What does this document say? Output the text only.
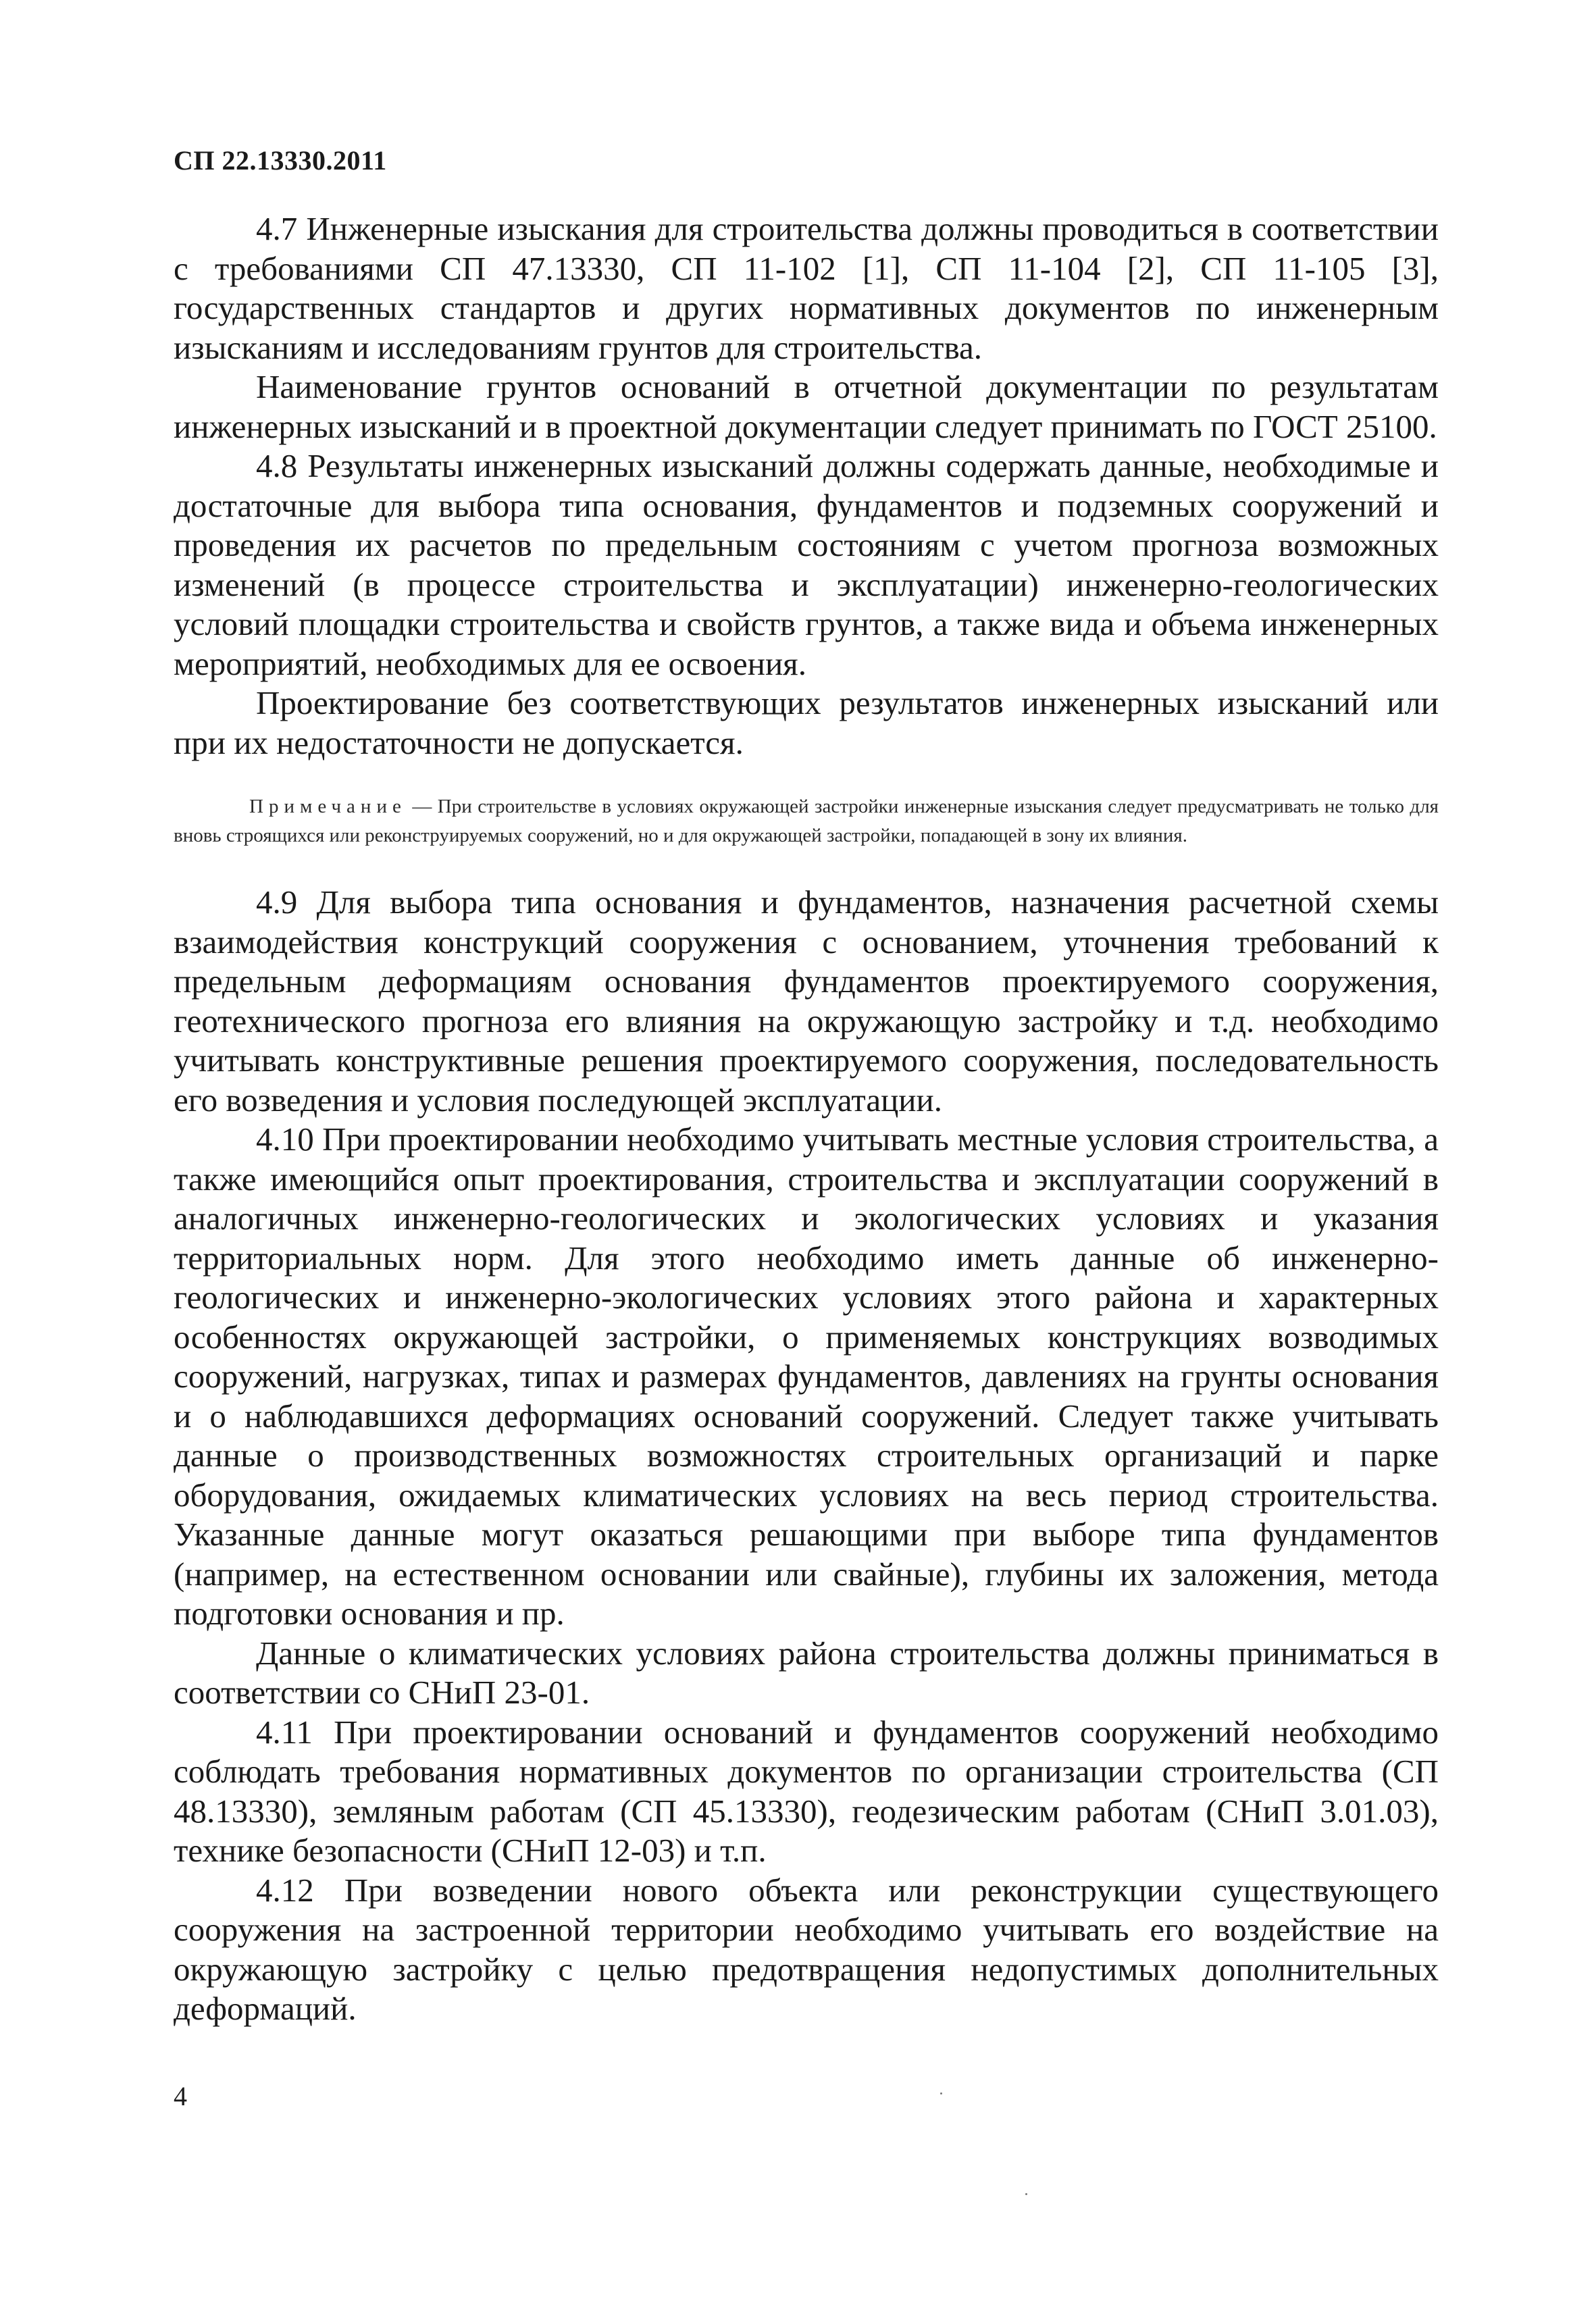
СП 22.13330.2011

4.7 Инженерные изыскания для строительства должны проводиться в соответствии с требованиями СП 47.13330, СП 11-102 [1], СП 11-104 [2], СП 11-105 [3], государственных стандартов и других нормативных документов по инженерным изысканиям и исследованиям грунтов для строительства.

Наименование грунтов оснований в отчетной документации по результатам инженерных изысканий и в проектной документации следует принимать по ГОСТ 25100.

4.8 Результаты инженерных изысканий должны содержать данные, необходимые и достаточные для выбора типа основания, фундаментов и подземных сооружений и проведения их расчетов по предельным состояниям с учетом прогноза возможных изменений (в процессе строительства и эксплуатации) инженерно-геологических условий площадки строительства и свойств грунтов, а также вида и объема инженерных мероприятий, необходимых для ее освоения.

Проектирование без соответствующих результатов инженерных изысканий или при их недостаточности не допускается.

Примечание — При строительстве в условиях окружающей застройки инженерные изыскания следует предусматривать не только для вновь строящихся или реконструируемых сооружений, но и для окружающей застройки, попадающей в зону их влияния.

4.9 Для выбора типа основания и фундаментов, назначения расчетной схемы взаимодействия конструкций сооружения с основанием, уточнения требований к предельным деформациям основания фундаментов проектируемого сооружения, геотехнического прогноза его влияния на окружающую застройку и т.д. необходимо учитывать конструктивные решения проектируемого сооружения, последовательность его возведения и условия последующей эксплуатации.

4.10 При проектировании необходимо учитывать местные условия строительства, а также имеющийся опыт проектирования, строительства и эксплуатации сооружений в аналогичных инженерно-геологических и экологических условиях и указания территориальных норм. Для этого необходимо иметь данные об инженерно-геологических и инженерно-экологических условиях этого района и характерных особенностях окружающей застройки, о применяемых конструкциях возводимых сооружений, нагрузках, типах и размерах фундаментов, давлениях на грунты основания и о наблюдавшихся деформациях оснований сооружений. Следует также учитывать данные о производственных возможностях строительных организаций и парке оборудования, ожидаемых климатических условиях на весь период строительства. Указанные данные могут оказаться решающими при выборе типа фундаментов (например, на естественном основании или свайные), глубины их заложения, метода подготовки основания и пр.

Данные о климатических условиях района строительства должны приниматься в соответствии со СНиП 23-01.

4.11 При проектировании оснований и фундаментов сооружений необходимо соблюдать требования нормативных документов по организации строительства (СП 48.13330), земляным работам (СП 45.13330), геодезическим работам (СНиП 3.01.03), технике безопасности (СНиП 12-03) и т.п.

4.12 При возведении нового объекта или реконструкции существующего сооружения на застроенной территории необходимо учитывать его воздействие на окружающую застройку с целью предотвращения недопустимых дополнительных деформаций.

4
